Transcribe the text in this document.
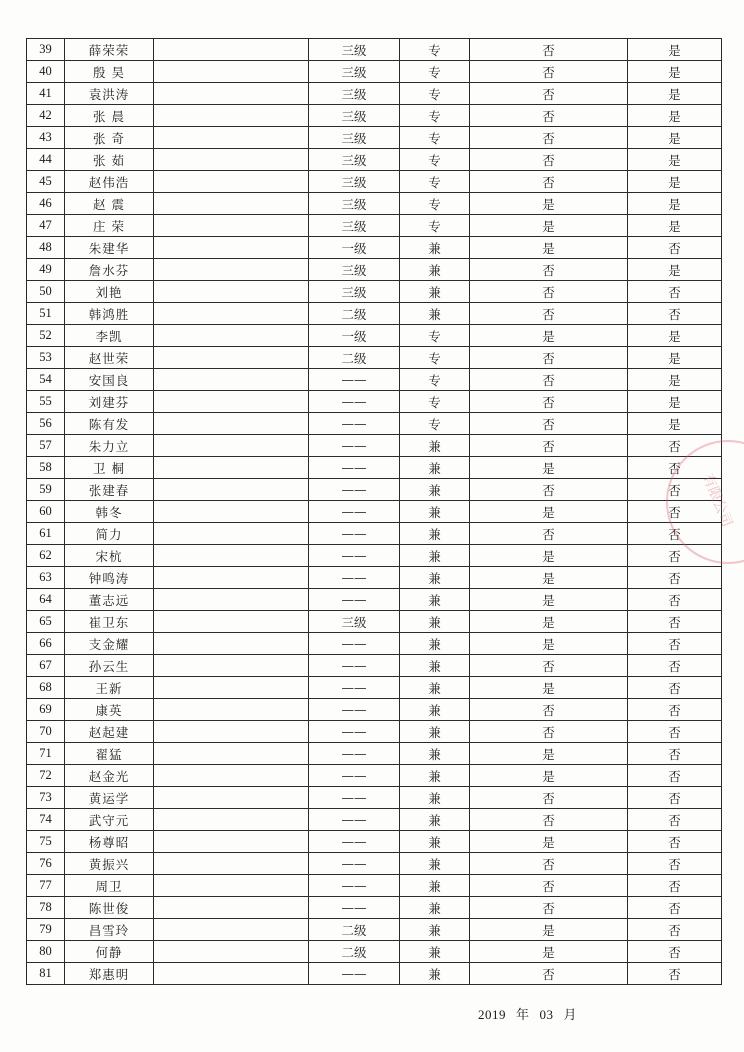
39	薛荣荣		三级	专	否	是
40	殷 昊		三级	专	否	是
41	袁洪涛		三级	专	否	是
42	张 晨		三级	专	否	是
43	张 奇		三级	专	否	是
44	张 茹		三级	专	否	是
45	赵伟浩		三级	专	否	是
46	赵 震		三级	专	是	是
47	庄 荣		三级	专	是	是
48	朱建华		一级	兼	是	否
49	詹水芬		三级	兼	否	是
50	刘艳		三级	兼	否	否
51	韩鸿胜		二级	兼	否	否
52	李凯		一级	专	是	是
53	赵世荣		二级	专	否	是
54	安国良		——	专	否	是
55	刘建芬		——	专	否	是
56	陈有发		——	专	否	是
57	朱力立		——	兼	否	否
58	卫 桐		——	兼	是	否
59	张建春		——	兼	否	否
60	韩冬		——	兼	是	否
61	简力		——	兼	否	否
62	宋杭		——	兼	是	否
63	钟鸣涛		——	兼	是	否
64	董志远		——	兼	是	否
65	崔卫东		三级	兼	是	否
66	支金耀		——	兼	是	否
67	孙云生		——	兼	否	否
68	王新		——	兼	是	否
69	康英		——	兼	否	否
70	赵起建		——	兼	否	否
71	翟猛		——	兼	是	否
72	赵金光		——	兼	是	否
73	黄运学		——	兼	否	否
74	武守元		——	兼	否	否
75	杨尊昭		——	兼	是	否
76	黄振兴		——	兼	否	否
77	周卫		——	兼	否	否
78	陈世俊		——	兼	否	否
79	昌雪玲		二级	兼	是	否
80	何静		二级	兼	是	否
81	郑惠明		——	兼	否	否
有限公司
2019 年 03 月
